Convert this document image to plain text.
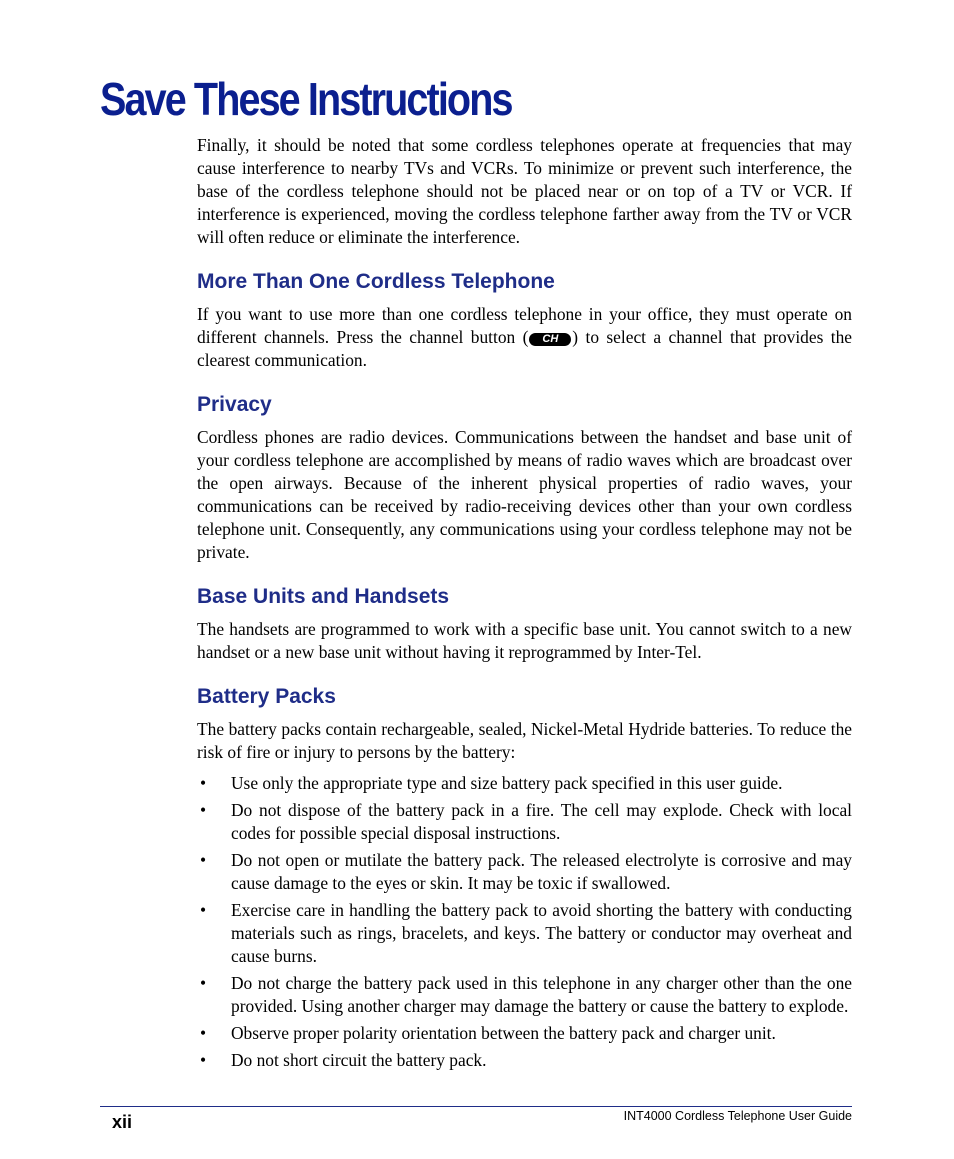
Save These Instructions

Finally, it should be noted that some cordless telephones operate at frequencies that may cause interference to nearby TVs and VCRs. To minimize or prevent such interference, the base of the cordless telephone should not be placed near or on top of a TV or VCR. If interference is experienced, moving the cordless telephone farther away from the TV or VCR will often reduce or eliminate the interference.

More Than One Cordless Telephone

If you want to use more than one cordless telephone in your office, they must operate on different channels. Press the channel button ( CH ) to select a channel that provides the clearest communication.

Privacy

Cordless phones are radio devices. Communications between the handset and base unit of your cordless telephone are accomplished by means of radio waves which are broadcast over the open airways. Because of the inherent physical properties of radio waves, your communications can be received by radio-receiving devices other than your own cordless telephone unit. Consequently, any communications using your cordless telephone may not be private.

Base Units and Handsets

The handsets are programmed to work with a specific base unit. You cannot switch to a new handset or a new base unit without having it reprogrammed by Inter-Tel.

Battery Packs

The battery packs contain rechargeable, sealed, Nickel-Metal Hydride batteries. To reduce the risk of fire or injury to persons by the battery:

• Use only the appropriate type and size battery pack specified in this user guide.
• Do not dispose of the battery pack in a fire. The cell may explode. Check with local codes for possible special disposal instructions.
• Do not open or mutilate the battery pack. The released electrolyte is corrosive and may cause damage to the eyes or skin. It may be toxic if swallowed.
• Exercise care in handling the battery pack to avoid shorting the battery with conducting materials such as rings, bracelets, and keys. The battery or conductor may overheat and cause burns.
• Do not charge the battery pack used in this telephone in any charger other than the one provided. Using another charger may damage the battery or cause the battery to explode.
• Observe proper polarity orientation between the battery pack and charger unit.
• Do not short circuit the battery pack.
xii	INT4000 Cordless Telephone User Guide
